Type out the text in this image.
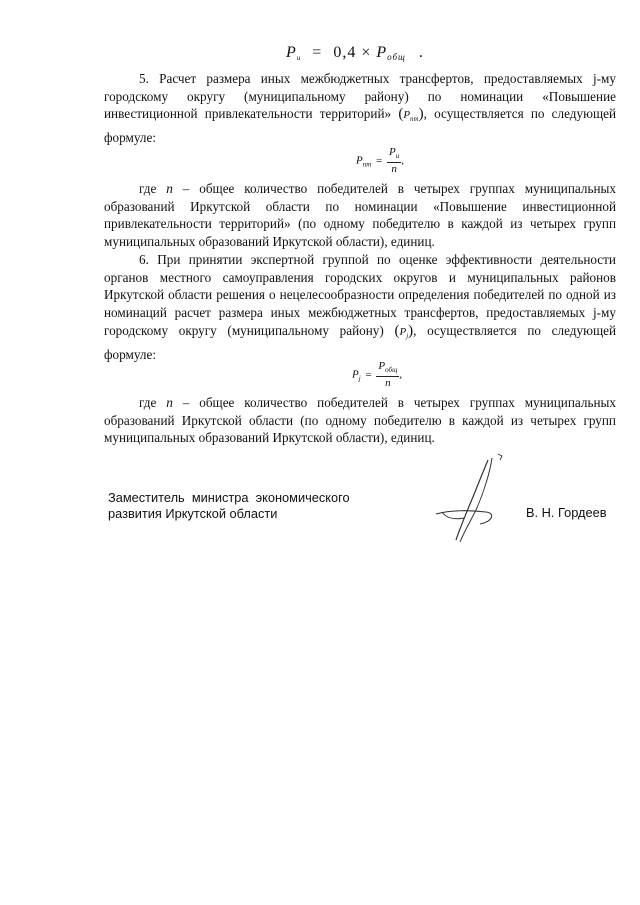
$P_и = 0,4 \times P_{общ}$ .
5. Расчет размера иных межбюджетных трансфертов, предоставляемых j-му городскому округу (муниципальному району) по номинации «Повышение инвестиционной привлекательности территорий» $(P_{пт})$, осуществляется по следующей формуле:
$P_{пт} = \frac{P_и}{n}$ ,
где n – общее количество победителей в четырех группах муниципальных образований Иркутской области по номинации «Повышение инвестиционной привлекательности территорий» (по одному победителю в каждой из четырех групп муниципальных образований Иркутской области), единиц.
6. При принятии экспертной группой по оценке эффективности деятельности органов местного самоуправления городских округов и муниципальных районов Иркутской области решения о нецелесообразности определения победителей по одной из номинаций расчет размера иных межбюджетных трансфертов, предоставляемых j-му городскому округу (муниципальному району) $(P_j)$, осуществляется по следующей формуле:
$P_j = \frac{P_{общ}}{n}$ ,
где n – общее количество победителей в четырех группах муниципальных образований Иркутской области (по одному победителю в каждой из четырех групп муниципальных образований Иркутской области), единиц.
Заместитель  министра  экономического
развития Иркутской области	В. Н. Гордеев
